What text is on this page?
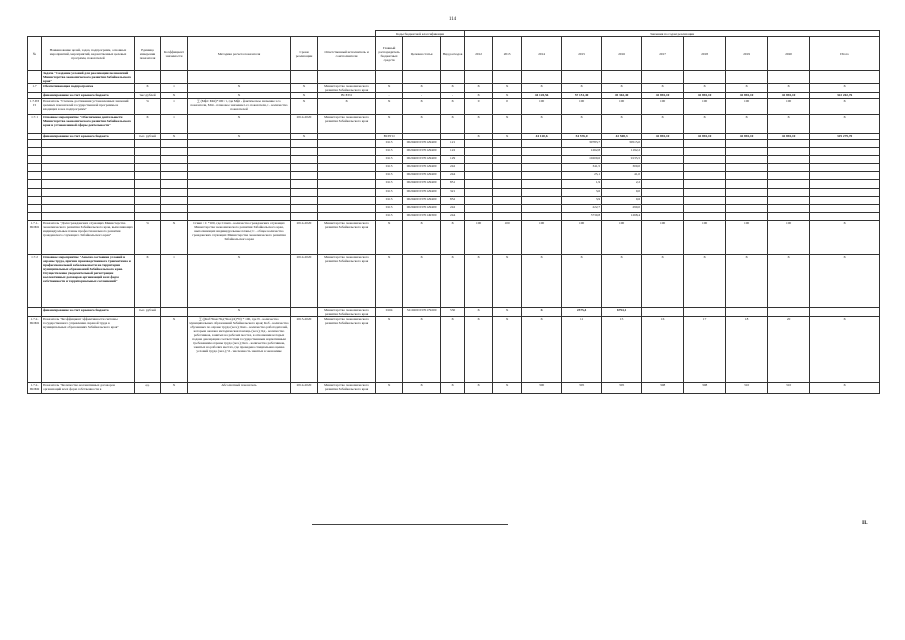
114
							Коды бюджетной классификации			Значения по годам реализации									
№	Наименование целей, задач, подпрограмм, основных мероприятий, мероприятий, ведомственных целевых программ, показателей	Единица измерения показателя	Коэффициент значимости	Методика расчета показателя	Сроки реализации	Ответственный исполнитель и соисполнители	Главный распорядитель бюджетных средств	Целевая статья	Вид расходов	2012	2013	2014	2015	2016	2017	2018	2019	2020	Итого
	Задача "Создание условий для реализации полномочий Министерства экономического развития Забайкальского края"																		
1.7	Обеспечивающая подпрограмма	X	1	X	X	Министерство экономического развития Забайкальского края	X	X	X	X	X	X	X	X	X	X	X	X	X
	финансирование за счет краевого бюджета	тыс.рублей	X	X	X	ВСЕГО	-	-	-	X	X	44 120,56	57 151,40	45 362,40	42 892,10	42 892,10	42 892,10	42 892,10	322 202,76
1.7.ПЗП	Показатель "Степень достижения установленных значений целевых показателей государственной программы и входящих в нее подпрограмм"	%	1	∑ (Мфi: Мпi)*100 / t, где Мфi - фактическое значение i-го показателя, Мпi - плановое значение i-го показателя, t - количество показателей	X	X	X	X	X	0	0	100	100	100	100	100	100	100	X
1.7.1	Основное мероприятие "Обеспечение деятельности Министерства экономического развития Забайкальского края и установленной сферы деятельности"	X	1	X	2014-2020	Министерство экономического развития Забайкальского края	X	X	X	X	X	X	X	X	X	X	X	X	X
	финансирование за счет краевого бюджета	тыс. рублей	X	X	X		ВСЕГО			X	X	44 120,6	54 576,0	42 508,3	42 892,10	42 892,10	42 892,10	42 892,10	319 279,70
							0113	0020400 0370129400	121				30783,7	30515,0					
							0113	0020400 0370129400	122				1262,8	1192,2					
							0113	0020400 0370129400	129				10209,6	9135,5					
							0113	0020400 0370129400	242				341,5	300,0					
							0113	0020400 0370129400	244				25,1	41,0					
							0113	0020400 0370129400	851				1,9	2,2					
							0113	0020400 0370129400	321				3,6	0,0					
							0113	0020400 0370129400	852				3,9	0,6					
							0113	0020400 0370129400	242				222,7	290,0					
							0113	0020400 0370149300	244				3730,8	1268,4					
1.7.1-ПОМ1	Показатель "Доля гражданских служащих Министерства экономического развития Забайкальского края, выполняющих индивидуальные планы профессионального развития гражданского служащего Забайкальского края"	%	X	Сгвип / С *100, где Сгвип - количество гражданских служащих Министерства экономического развития Забайкальского края, выполняющих индивидуальные планы; С - общее количество гражданских служащих Министерства экономического развития Забайкальского края	2014-2020	Министерство экономического развития Забайкальского края	X	X	X	100	100	100	100	100	100	100	100	100	X
1.7.2	Основное мероприятие "Анализ состояния условий и охраны труда, причин производственного травматизма и профессиональной заболеваемости на территории муниципальных образований Забайкальского края. Осуществление уведомительной регистрации коллективных договоров организаций всех форм собственности и территориальных соглашений"	X	1	X	2014-2020	Министерство экономического развития Забайкальского края	X	X	X	X	X	X	X	X	X	X	X	X	X
	финансирование за счет краевого бюджета	тыс. рублей		X		Министерство экономического развития Забайкальского края	0104	5210200 0370179200	530	X	X	X	2575,4	6794,1					
1.7.2-ПОМ1	Показатель "Коэффициент эффективности системы государственного управления охраной труда в муниципальных образованиях Забайкальского края"		X	∑ ((Коб+Кмо+Кд+Кох)/4)*N) * 100, где N - количество муниципальных образований Забайкальского края; Коб - количество обученных по охране труда (чел.); Кмо - количество работодателей, которым оказана методическая помощь (чел.); Кд - количество работников, занятых на рабочих местах, в отношении которых подана декларация соответствия государственным нормативным требованиям охраны труда (чел.); Кох - количество работников, занятых на рабочих местах, где проведена специальная оценка условий труда (чел.); Ч - численность занятых в экономике	2015-2020	Министерство экономического развития Забайкальского края	X	X	X	X	X	X	11	15	16	17	18	20	X
1.7.2-ПОМ2	Показатель "Количество коллективных договоров организаций всех форм собственности в	ед.	X	Абсолютный показатель	2014-2020	Министерство экономического развития Забайкальского края	X	X	X	X	X	300	305	305	308	308	310	310	X
II.
